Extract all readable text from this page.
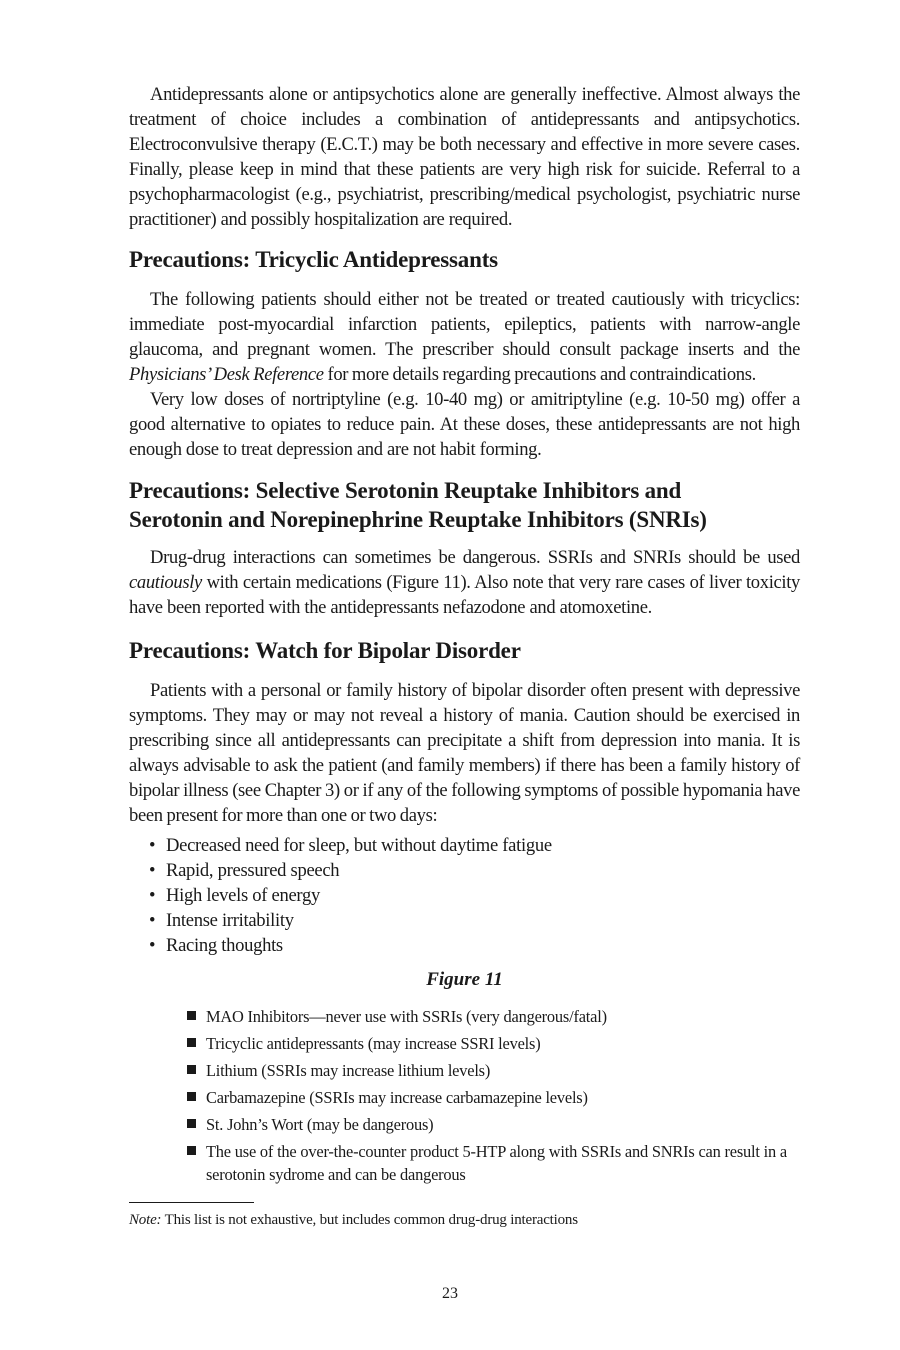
Antidepressants alone or antipsychotics alone are generally ineffective. Almost always the treatment of choice includes a combination of antidepressants and antipsychotics. Electroconvulsive therapy (E.C.T.) may be both necessary and effective in more severe cases. Finally, please keep in mind that these patients are very high risk for suicide. Referral to a psychopharmacologist (e.g., psychiatrist, prescribing/medical psychologist, psychiatric nurse practitioner) and possibly hospitalization are required.

Precautions: Tricyclic Antidepressants

The following patients should either not be treated or treated cautiously with tricyclics: immediate post-myocardial infarction patients, epileptics, patients with narrow-angle glaucoma, and pregnant women. The prescriber should consult package inserts and the Physicians’ Desk Reference for more details regarding precautions and contraindications.

Very low doses of nortriptyline (e.g. 10-40 mg) or amitriptyline (e.g. 10-50 mg) offer a good alternative to opiates to reduce pain. At these doses, these antidepressants are not high enough dose to treat depression and are not habit forming.

Precautions: Selective Serotonin Reuptake Inhibitors and
Serotonin and Norepinephrine Reuptake Inhibitors (SNRIs)

Drug-drug interactions can sometimes be dangerous. SSRIs and SNRIs should be used cautiously with certain medications (Figure 11). Also note that very rare cases of liver toxicity have been reported with the antidepressants nefazodone and atomoxetine.

Precautions: Watch for Bipolar Disorder

Patients with a personal or family history of bipolar disorder often present with depressive symptoms. They may or may not reveal a history of mania. Caution should be exercised in prescribing since all antidepressants can precipitate a shift from depression into mania. It is always advisable to ask the patient (and family members) if there has been a family history of bipolar illness (see Chapter 3) or if any of the following symptoms of possible hypomania have been present for more than one or two days:

• Decreased need for sleep, but without daytime fatigue
• Rapid, pressured speech
• High levels of energy
• Intense irritability
• Racing thoughts
Figure 11
MAO Inhibitors—never use with SSRIs (very dangerous/fatal)
Tricyclic antidepressants (may increase SSRI levels)
Lithium (SSRIs may increase lithium levels)
Carbamazepine (SSRIs may increase carbamazepine levels)
St. John’s Wort (may be dangerous)
The use of the over-the-counter product 5-HTP along with SSRIs and SNRIs can result in a serotonin sydrome and can be dangerous
Note: This list is not exhaustive, but includes common drug-drug interactions
23
